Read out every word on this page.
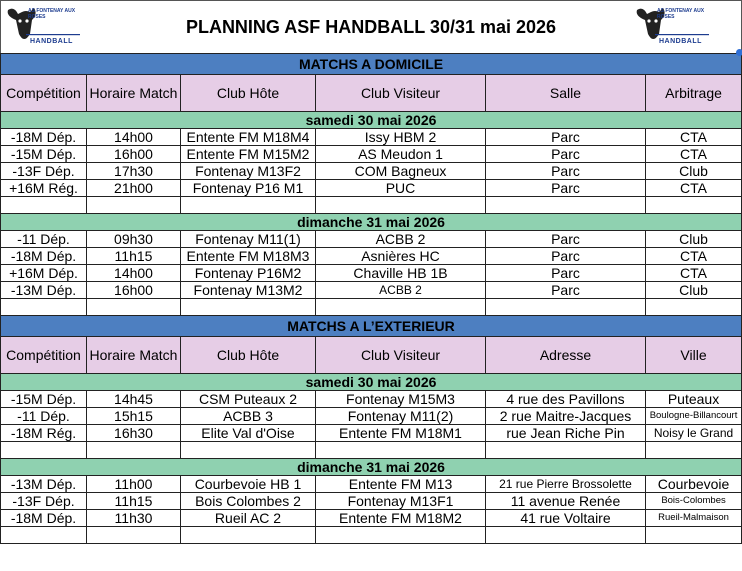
AS FONTENAY AUX ROSES
HANDBALL
PLANNING ASF HANDBALL 30/31 mai 2026
AS FONTENAY AUX ROSES
HANDBALL
MATCHS A DOMICILE					
Compétition	Horaire Match	Club Hôte	Club Visiteur	Salle	Arbitrage
samedi 30 mai 2026					
-18M Dép.	14h00	Entente FM M18M4	Issy HBM 2	Parc	CTA
-15M Dép.	16h00	Entente FM M15M2	AS Meudon 1	Parc	CTA
-13F Dép.	17h30	Fontenay M13F2	COM Bagneux	Parc	Club
+16M Rég.	21h00	Fontenay P16 M1	PUC	Parc	CTA

dimanche 31 mai 2026					
-11 Dép.	09h30	Fontenay M11(1)	ACBB 2	Parc	Club
-18M Dép.	11h15	Entente FM M18M3	Asnières HC	Parc	CTA
+16M Dép.	14h00	Fontenay P16M2	Chaville HB 1B	Parc	CTA
-13M Dép.	16h00	Fontenay M13M2	ACBB 2	Parc	Club

MATCHS A L’EXTERIEUR					
Compétition	Horaire Match	Club Hôte	Club Visiteur	Adresse	Ville
samedi 30 mai 2026					
-15M Dép.	14h45	CSM Puteaux 2	Fontenay M15M3	4 rue des Pavillons	Puteaux
-11 Dép.	15h15	ACBB 3	Fontenay M11(2)	2 rue Maitre-Jacques	Boulogne-Billancourt
-18M Rég.	16h30	Elite Val d'Oise	Entente FM M18M1	rue Jean Riche Pin	Noisy le Grand

dimanche 31 mai 2026					
-13M Dép.	11h00	Courbevoie HB 1	Entente FM M13	21 rue Pierre Brossolette	Courbevoie
-13F Dép.	11h15	Bois Colombes 2	Fontenay M13F1	11 avenue Renée	Bois-Colombes
-18M Dép.	11h30	Rueil AC 2	Entente FM M18M2	41 rue Voltaire	Rueil-Malmaison
